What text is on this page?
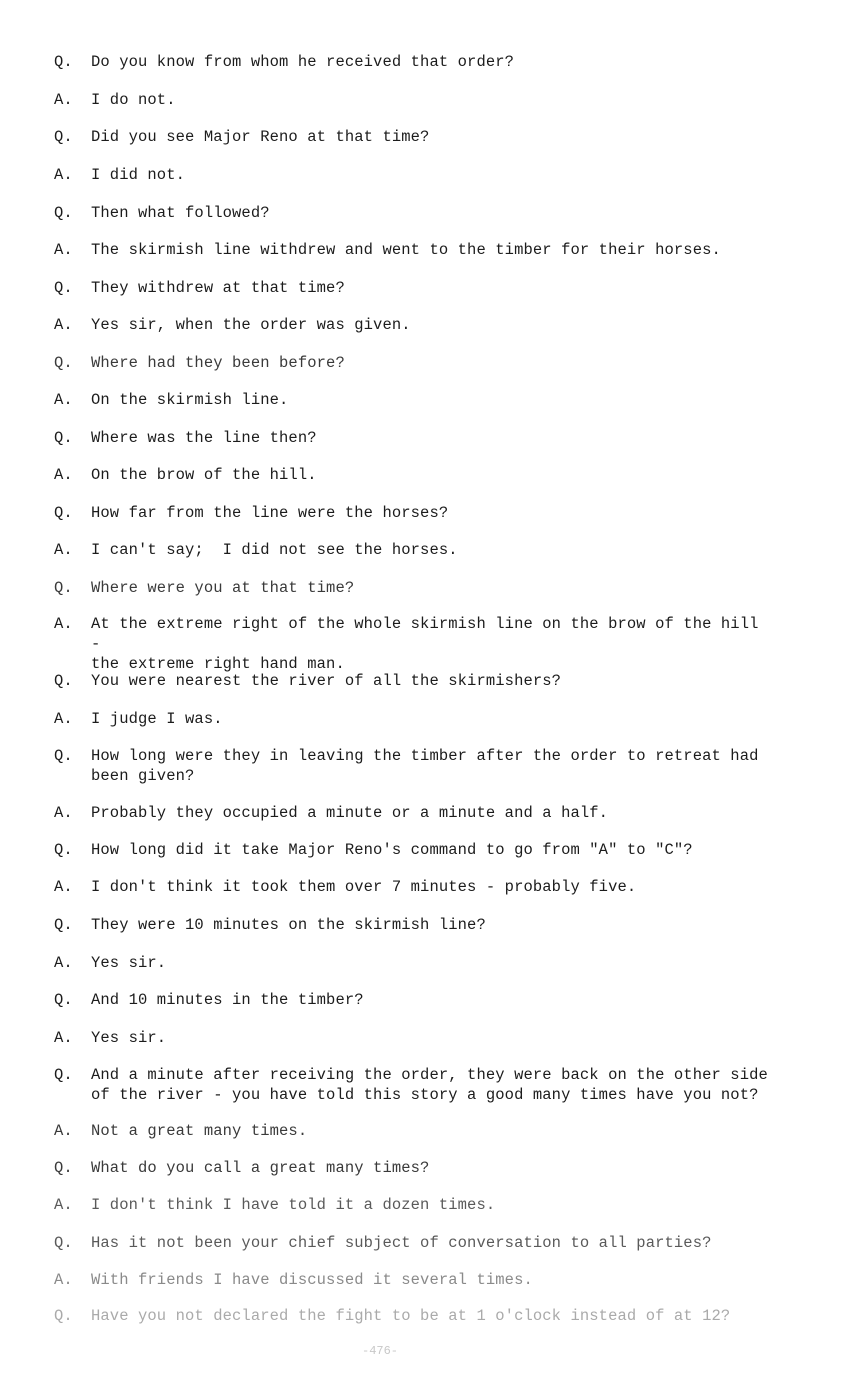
Q.	Do you know from whom he received that order?
A.	I do not.
Q.	Did you see Major Reno at that time?
A.	I did not.
Q.	Then what followed?
A.	The skirmish line withdrew and went to the timber for their horses.
Q.	They withdrew at that time?
A.	Yes sir, when the order was given.
Q.	Where had they been before?
A.	On the skirmish line.
Q.	Where was the line then?
A.	On the brow of the hill.
Q.	How far from the line were the horses?
A.	I can't say;  I did not see the horses.
Q.	Where were you at that time?
A.	At the extreme right of the whole skirmish line on the brow of the hill -
the extreme right hand man.
Q.	You were nearest the river of all the skirmishers?
A.	I judge I was.
Q.	How long were they in leaving the timber after the order to retreat had
been given?
A.	Probably they occupied a minute or a minute and a half.
Q.	How long did it take Major Reno's command to go from "A" to "C"?
A.	I don't think it took them over 7 minutes - probably five.
Q.	They were 10 minutes on the skirmish line?
A.	Yes sir.
Q.	And 10 minutes in the timber?
A.	Yes sir.
Q.	And a minute after receiving the order, they were back on the other side
of the river - you have told this story a good many times have you not?
A.	Not a great many times.
Q.	What do you call a great many times?
A.	I don't think I have told it a dozen times.
Q.	Has it not been your chief subject of conversation to all parties?
A.	With friends I have discussed it several times.
Q.	Have you not declared the fight to be at 1 o'clock instead of at 12?
-476-
